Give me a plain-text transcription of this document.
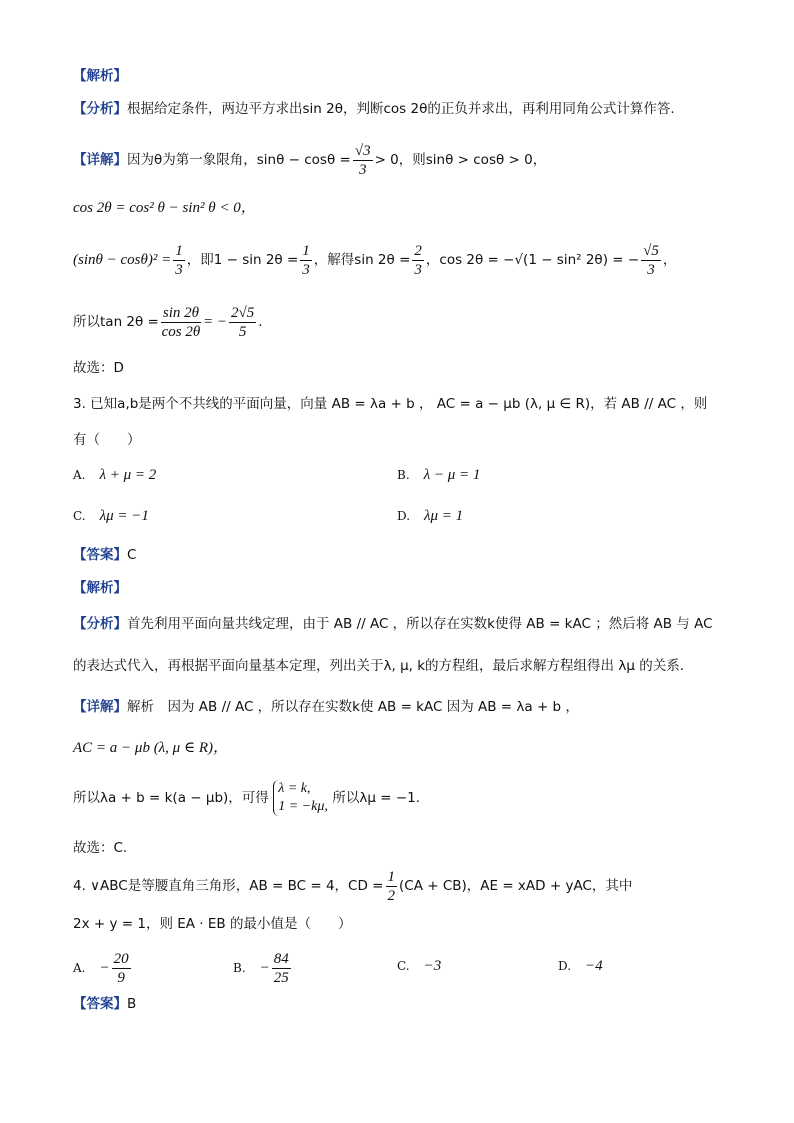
【解析】
【分析】根据给定条件，两边平方求出sin 2θ，判断cos 2θ的正负并求出，再利用同角公式计算作答.
【详解】因为θ为第一象限角，$\sin\theta - \cos\theta = \frac{√3}{3} > 0$，则sinθ > cosθ > 0，
cos 2θ = cos² θ − sin² θ < 0，
$(\sin\theta - \cos\theta)^2 = \frac{1}{3}$ ，即$1 - \sin 2\theta = \frac{1}{3}$ ，解得$\sin 2\theta = \frac{2}{3}$ ，cos 2θ = −√(1 − sin² 2θ) = − $\frac{√5}{3}$ ，
所以$\tan 2\theta = \frac{\sin 2\theta}{\cos 2\theta}$ = − $\frac{2√5}{5}$ .
故选：D
3. 已知a,b是两个不共线的平面向量，向量 AB = λa + b ， AC = a − μb (λ, μ ∈ R)，若 AB // AC ，则
有（　　）
A. λ + μ = 2	B. λ − μ = 1
C. λμ = −1	D. λμ = 1
【答案】C
【解析】
【分析】首先利用平面向量共线定理，由于 AB // AC ，所以存在实数k使得 AB = kAC ；然后将 AB 与 AC
的表达式代入，再根据平面向量基本定理，列出关于λ, μ, k的方程组，最后求解方程组得出 λμ 的关系.
【详解】解析　因为 AB // AC ，所以存在实数k使 AB = kAC 因为 AB = λa + b ，
AC = a − μb (λ, μ ∈ R)，
所以λa + b = k(a − μb)，可得
λ = k,
1 = −kμ,
所以λμ = −1.
故选：C.
4. ∨ABC是等腰直角三角形，AB = BC = 4，CD = $\frac{1}{2} (CA + CB)$，AE = xAD + yAC，其中
2x + y = 1，则 EA · EB 的最小值是（　　）
A. − $\frac{20}{9}$	B. − $\frac{84}{25}$	C. −3	D. −4
【答案】B
